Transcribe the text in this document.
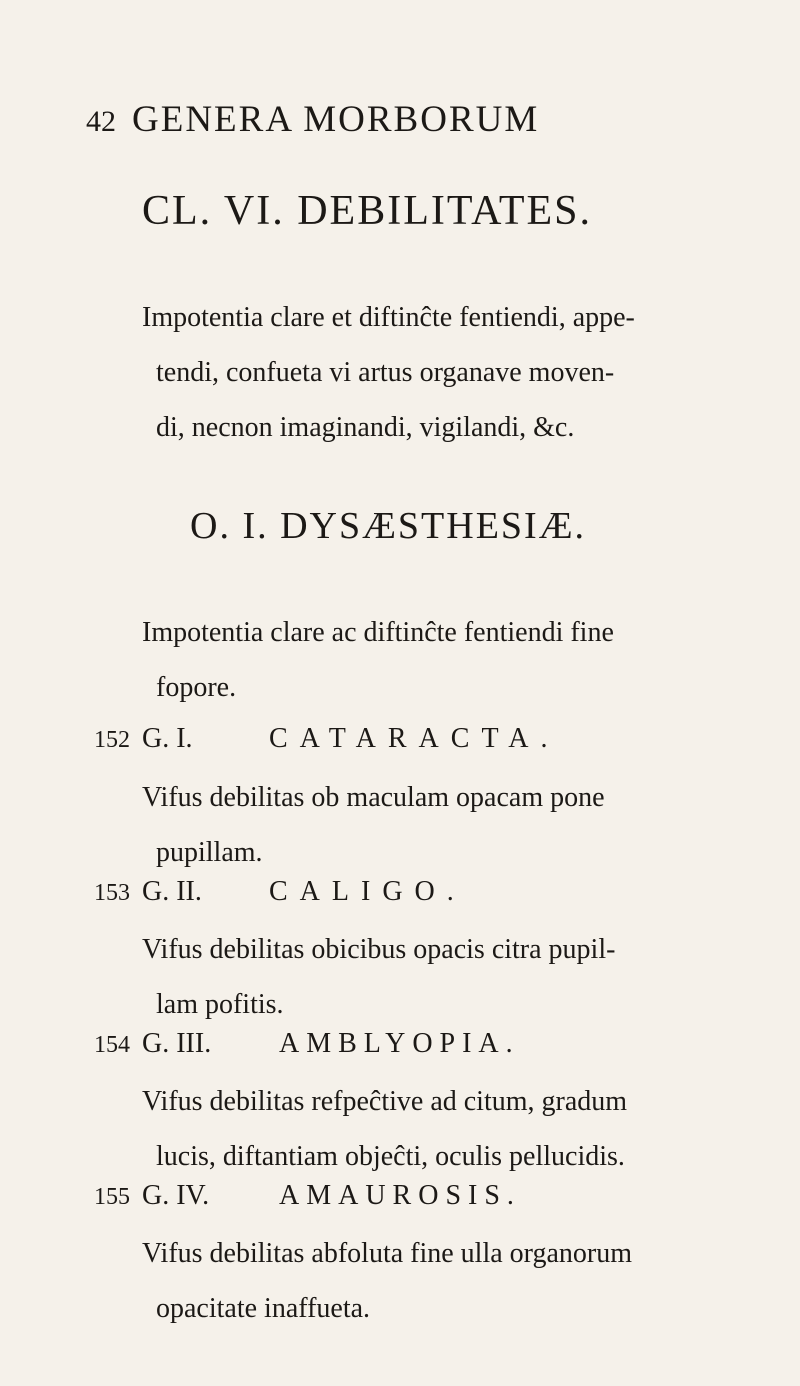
42 GENERA MORBORUM
CL. VI. DEBILITATES.
Impotentia clare et diftinĉte fentiendi, appe-
tendi, confueta vi artus organave moven-
di, necnon imaginandi, vigilandi, &c.
O. I. DYSÆSTHESIÆ.
Impotentia clare ac diftinĉte fentiendi fine
fopore.
152 G. I.	CATARACTA.
Vifus debilitas ob maculam opacam pone
pupillam.
153 G. II. CALIGO.
Vifus debilitas obicibus opacis citra pupil-
lam pofitis.
154 G. III. AMBLYOPIA.
Vifus debilitas refpeĉtive ad citum, gradum
lucis, diftantiam objeĉti, oculis pellucidis.
155 G. IV. AMAUROSIS.
Vifus debilitas abfoluta fine ulla organorum
opacitate inaffueta.
